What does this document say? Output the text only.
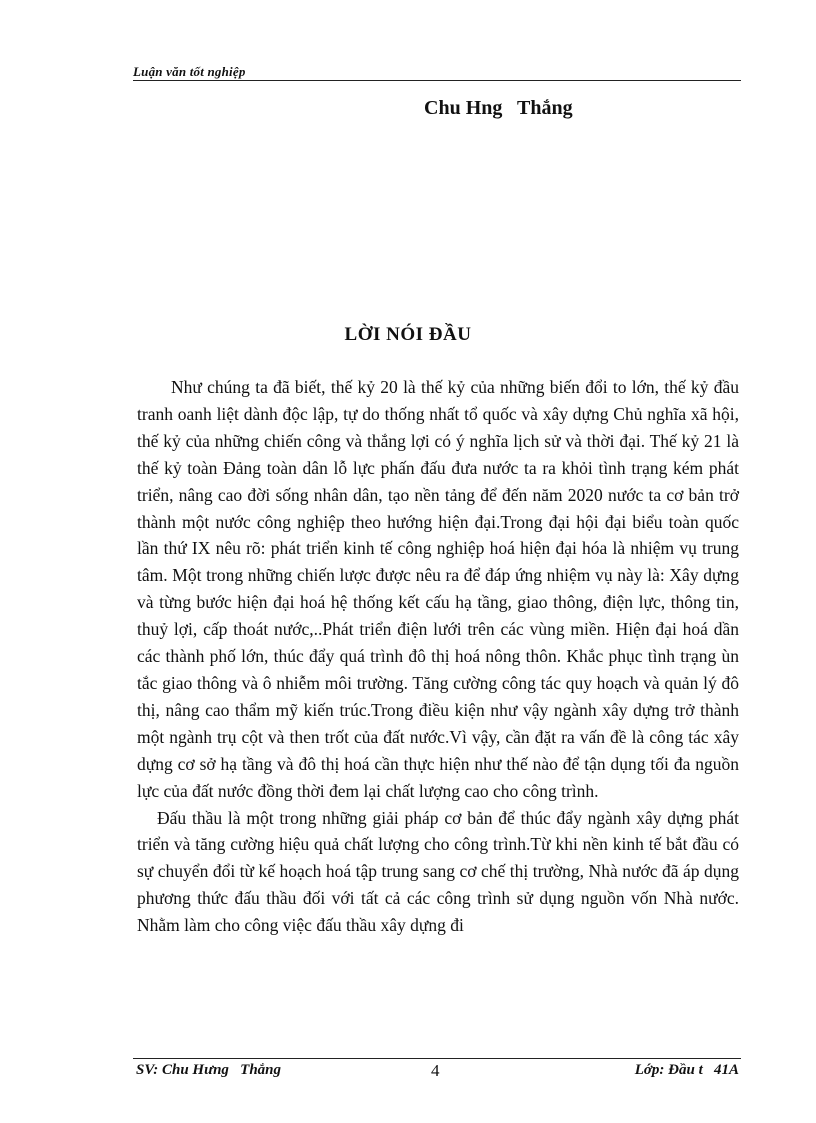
Luận văn tốt nghiệp
Chu Hng   Thắng
LỜI NÓI ĐẦU

Như chúng ta đã biết, thế kỷ 20 là thế kỷ của những biến đổi to lớn, thế kỷ đầu tranh oanh liệt dành độc lập, tự do thống nhất tổ quốc và xây dựng Chủ nghĩa xã hội, thế kỷ của những chiến công và thắng lợi có ý nghĩa lịch sử và thời đại. Thế kỷ 21 là thế kỷ toàn Đảng toàn dân lỗ lực phấn đấu đưa nước ta ra khỏi tình trạng kém phát triển, nâng cao đời sống nhân dân, tạo nền tảng để đến năm 2020 nước ta cơ bản trở thành một nước công nghiệp theo hướng hiện đại.Trong đại hội đại biểu toàn quốc lần thứ IX nêu rõ: phát triển kinh tế công nghiệp hoá hiện đại hóa là nhiệm vụ trung tâm. Một trong những chiến lược được nêu ra để đáp ứng nhiệm vụ này là: Xây dựng và từng bước hiện đại hoá hệ thống kết cấu hạ tầng, giao thông, điện lực, thông tin, thuỷ lợi, cấp thoát nước,..Phát triển điện lưới trên các vùng miền. Hiện đại hoá dần các thành phố lớn, thúc đẩy quá trình đô thị hoá nông thôn. Khắc phục tình trạng ùn tắc giao thông và ô nhiễm môi trường. Tăng cường công tác quy hoạch và quản lý đô thị, nâng cao thẩm mỹ kiến trúc.Trong điều kiện như vậy ngành xây dựng trở thành một ngành trụ cột và then trốt của đất nước.Vì vậy, cần đặt ra vấn đề là công tác xây dựng cơ sở hạ tầng và đô thị hoá cần thực hiện như thế nào để tận dụng tối đa nguồn lực của đất nước đồng thời đem lại chất lượng cao cho công trình.

Đấu thầu là một trong những giải pháp cơ bản để thúc đẩy ngành xây dựng phát triển và tăng cường hiệu quả chất lượng cho công trình.Từ khi nền kinh tế bắt đầu có sự chuyển đổi từ kế hoạch hoá tập trung sang cơ chế thị trường, Nhà nước đã áp dụng phương thức đấu thầu đối với tất cả các công trình sử dụng nguồn vốn Nhà nước. Nhằm làm cho công việc đấu thầu xây dựng đi

SV: Chu Hưng   Thắng	4	Lớp: Đầu t   41A
